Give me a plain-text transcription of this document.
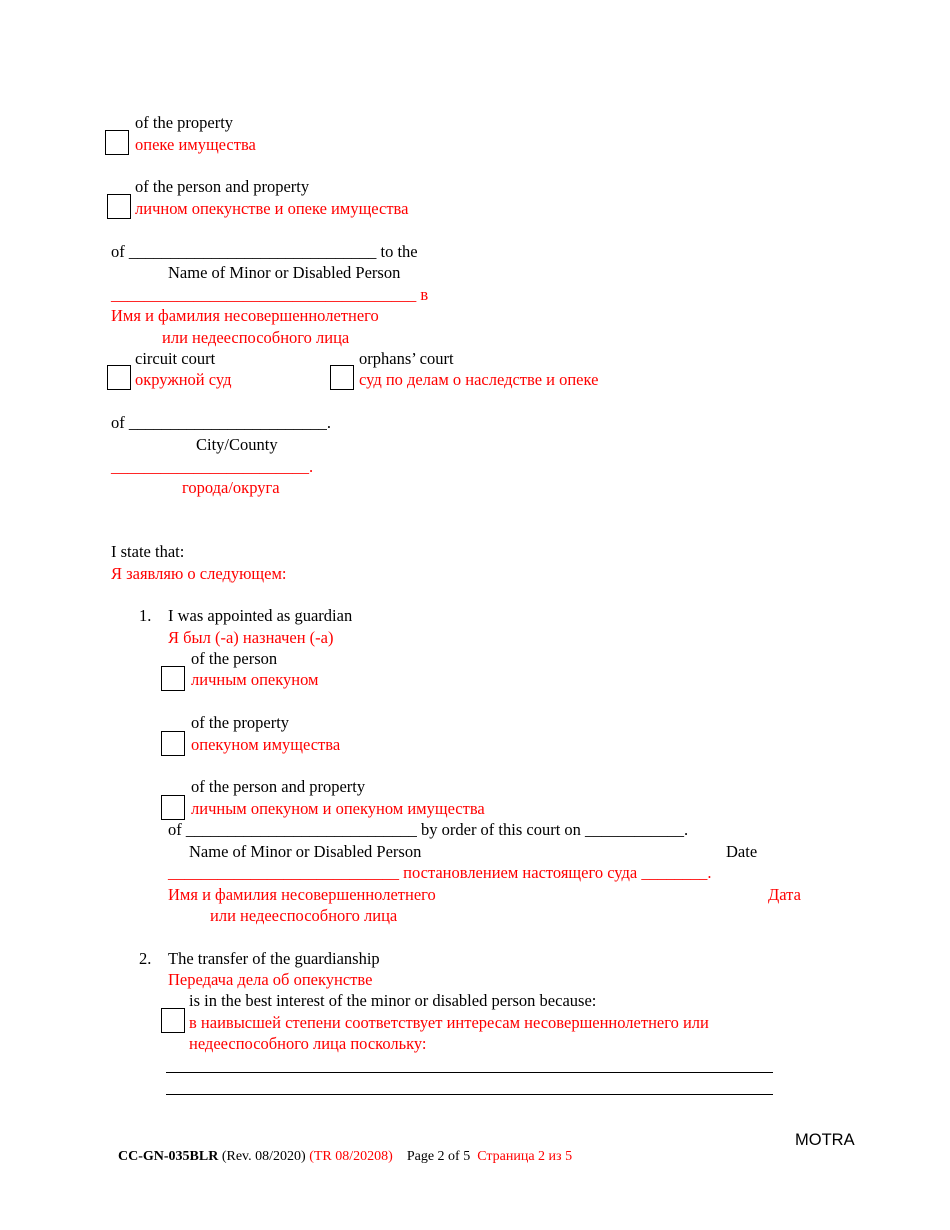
of the property
опеке имущества
of the person and property
личном опекунстве и опеке имущества
of ______________________________ to the
Name of Minor or Disabled Person
_____________________________________ в
Имя и фамилия несовершеннолетнего
или недееспособного лица
circuit court
окружной суд
orphans’ court
суд по делам о наследстве и опеке
of ________________________.
City/County
________________________.
города/округа
I state that:
Я заявляю о следующем:
1. I was appointed as guardian
Я был (-а) назначен (-а)
of the person
личным опекуном
of the property
опекуном имущества
of the person and property
личным опекуном и опекуном имущества
of ____________________________ by order of this court on ____________.
Name of Minor or Disabled Person	Date
____________________________ постановлением настоящего суда ________.
Имя и фамилия несовершеннолетнего	Дата
или недееспособного лица
2. The transfer of the guardianship
Передача дела об опекунстве
is in the best interest of the minor or disabled person because:
в наивысшей степени соответствует интересам несовершеннолетнего или
недееспособного лица поскольку:

CC-GN-035BLR (Rev. 08/2020) (TR 08/20208) Page 2 of 5 Страница 2 из 5

MOTRA
